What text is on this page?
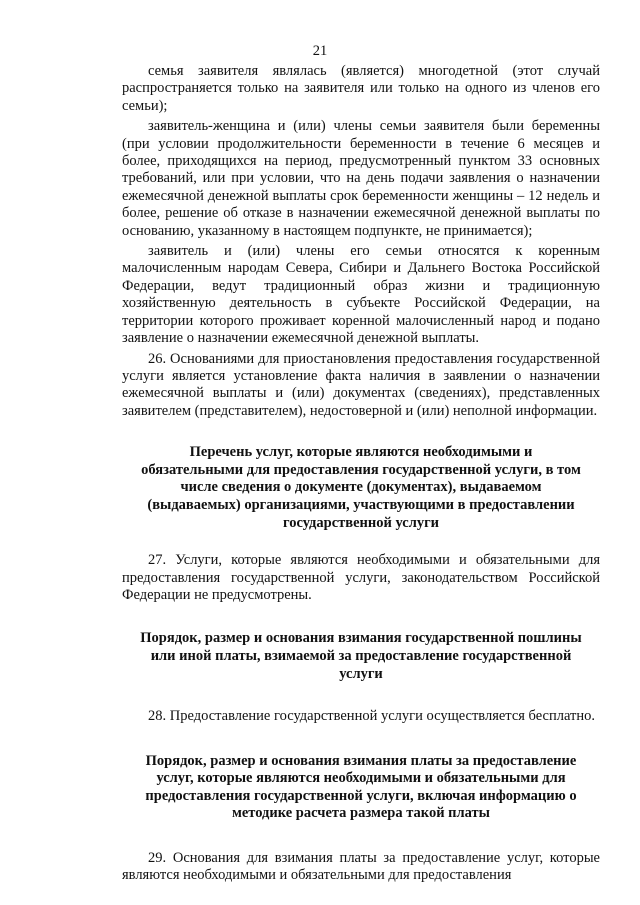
21

семья заявителя являлась (является) многодетной (этот случай распространяется только на заявителя или только на одного из членов его семьи);

заявитель-женщина и (или) члены семьи заявителя были беременны (при условии продолжительности беременности в течение 6 месяцев и более, приходящихся на период, предусмотренный пунктом 33 основных требований, или при условии, что на день подачи заявления о назначении ежемесячной денежной выплаты срок беременности женщины – 12 недель и более, решение об отказе в назначении ежемесячной денежной выплаты по основанию, указанному в настоящем подпункте, не принимается);

заявитель и (или) члены его семьи относятся к коренным малочисленным народам Севера, Сибири и Дальнего Востока Российской Федерации, ведут традиционный образ жизни и традиционную хозяйственную деятельность в субъекте Российской Федерации, на территории которого проживает коренной малочисленный народ и подано заявление о назначении ежемесячной денежной выплаты.

26. Основаниями для приостановления предоставления государственной услуги является установление факта наличия в заявлении о назначении ежемесячной выплаты и (или) документах (сведениях), представленных заявителем (представителем), недостоверной и (или) неполной информации.

Перечень услуг, которые являются необходимыми и обязательными для предоставления государственной услуги, в том числе сведения о документе (документах), выдаваемом (выдаваемых) организациями, участвующими в предоставлении государственной услуги

27. Услуги, которые являются необходимыми и обязательными для предоставления государственной услуги, законодательством Российской Федерации не предусмотрены.

Порядок, размер и основания взимания государственной пошлины или иной платы, взимаемой за предоставление государственной услуги

28. Предоставление государственной услуги осуществляется бесплатно.

Порядок, размер и основания взимания платы за предоставление услуг, которые являются необходимыми и обязательными для предоставления государственной услуги, включая информацию о методике расчета размера такой платы

29. Основания для взимания платы за предоставление услуг, которые являются необходимыми и обязательными для предоставления
